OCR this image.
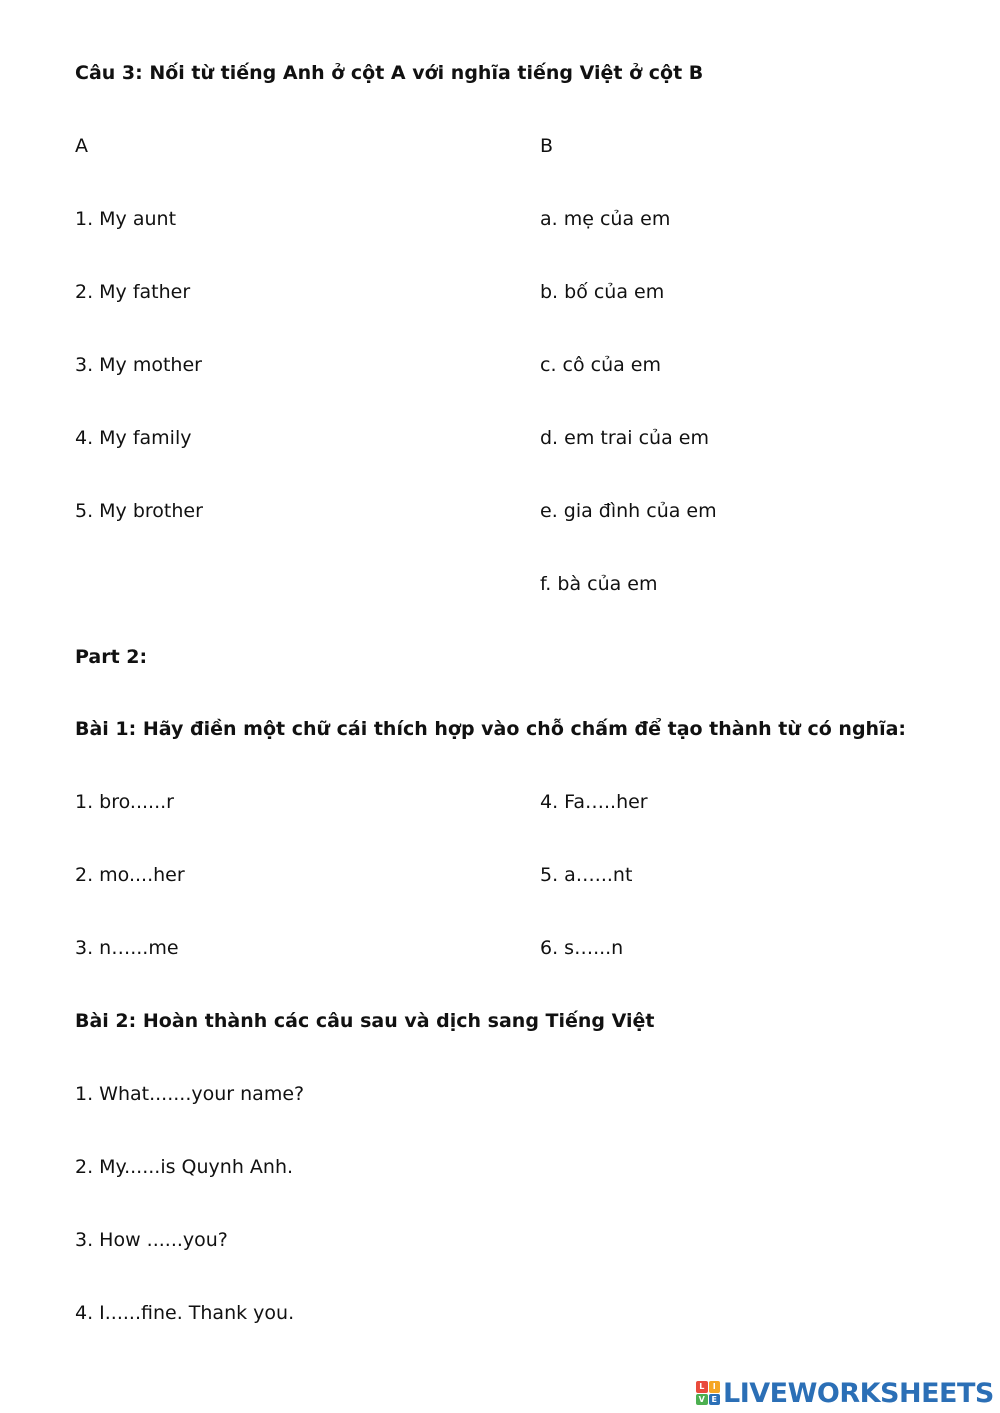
Câu 3: Nối từ tiếng Anh ở cột A với nghĩa tiếng Việt ở cột B
A	B
1. My aunt
2. My father
3. My mother
4. My family
5. My brother
a. mẹ của em
b. bố của em
c. cô của em
d. em trai của em
e. gia đình của em
f. bà của em
Part 2:
Bài 1: Hãy điền một chữ cái thích hợp vào chỗ chấm để tạo thành từ có nghĩa:
1. bro......r
2. mo....her
3. n…...me
4. Fa…..her
5. a…...nt
6. s…...n
Bài 2: Hoàn thành các câu sau và dịch sang Tiếng Việt
1. What.......your name?
2. My......is Quynh Anh.
3. How ......you?
4. I......fine. Thank you.
L	I
V E LIVEWORKSHEETS
